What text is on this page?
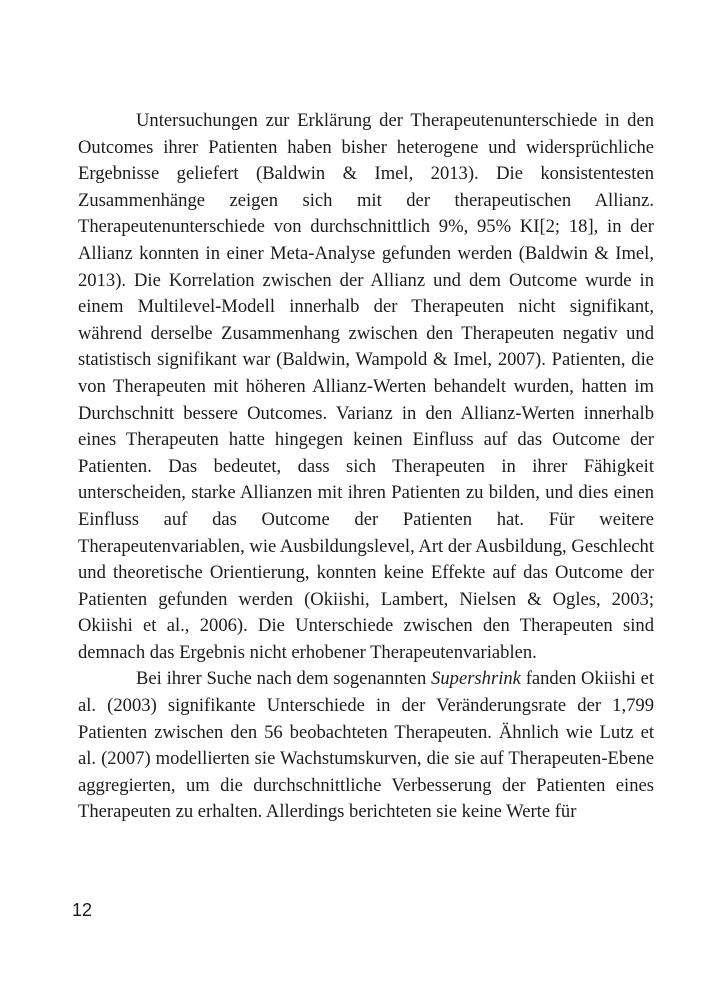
Untersuchungen zur Erklärung der Therapeutenunterschiede in den Outcomes ihrer Patienten haben bisher heterogene und widersprüchliche Ergebnisse geliefert (Baldwin & Imel, 2013). Die konsistentesten Zusammenhänge zeigen sich mit der therapeutischen Allianz. Therapeutenunterschiede von durchschnittlich 9%, 95% KI[2; 18], in der Allianz konnten in einer Meta-Analyse gefunden werden (Baldwin & Imel, 2013). Die Korrelation zwischen der Allianz und dem Outcome wurde in einem Multilevel-Modell innerhalb der Therapeuten nicht signifikant, während derselbe Zusammenhang zwischen den Therapeuten negativ und statistisch signifikant war (Baldwin, Wampold & Imel, 2007). Patienten, die von Therapeuten mit höheren Allianz-Werten behandelt wurden, hatten im Durchschnitt bessere Outcomes. Varianz in den Allianz-Werten innerhalb eines Therapeuten hatte hingegen keinen Einfluss auf das Outcome der Patienten. Das bedeutet, dass sich Therapeuten in ihrer Fähigkeit unterscheiden, starke Allianzen mit ihren Patienten zu bilden, und dies einen Einfluss auf das Outcome der Patienten hat. Für weitere Therapeutenvariablen, wie Ausbildungslevel, Art der Ausbildung, Geschlecht und theoretische Orientierung, konnten keine Effekte auf das Outcome der Patienten gefunden werden (Okiishi, Lambert, Nielsen & Ogles, 2003; Okiishi et al., 2006). Die Unterschiede zwischen den Therapeuten sind demnach das Ergebnis nicht erhobener Therapeutenvariablen.

Bei ihrer Suche nach dem sogenannten Supershrink fanden Okiishi et al. (2003) signifikante Unterschiede in der Veränderungsrate der 1,799 Patienten zwischen den 56 beobachteten Therapeuten. Ähnlich wie Lutz et al. (2007) modellierten sie Wachstumskurven, die sie auf Therapeuten-Ebene aggregierten, um die durchschnittliche Verbesserung der Patienten eines Therapeuten zu erhalten. Allerdings berichteten sie keine Werte für

12
